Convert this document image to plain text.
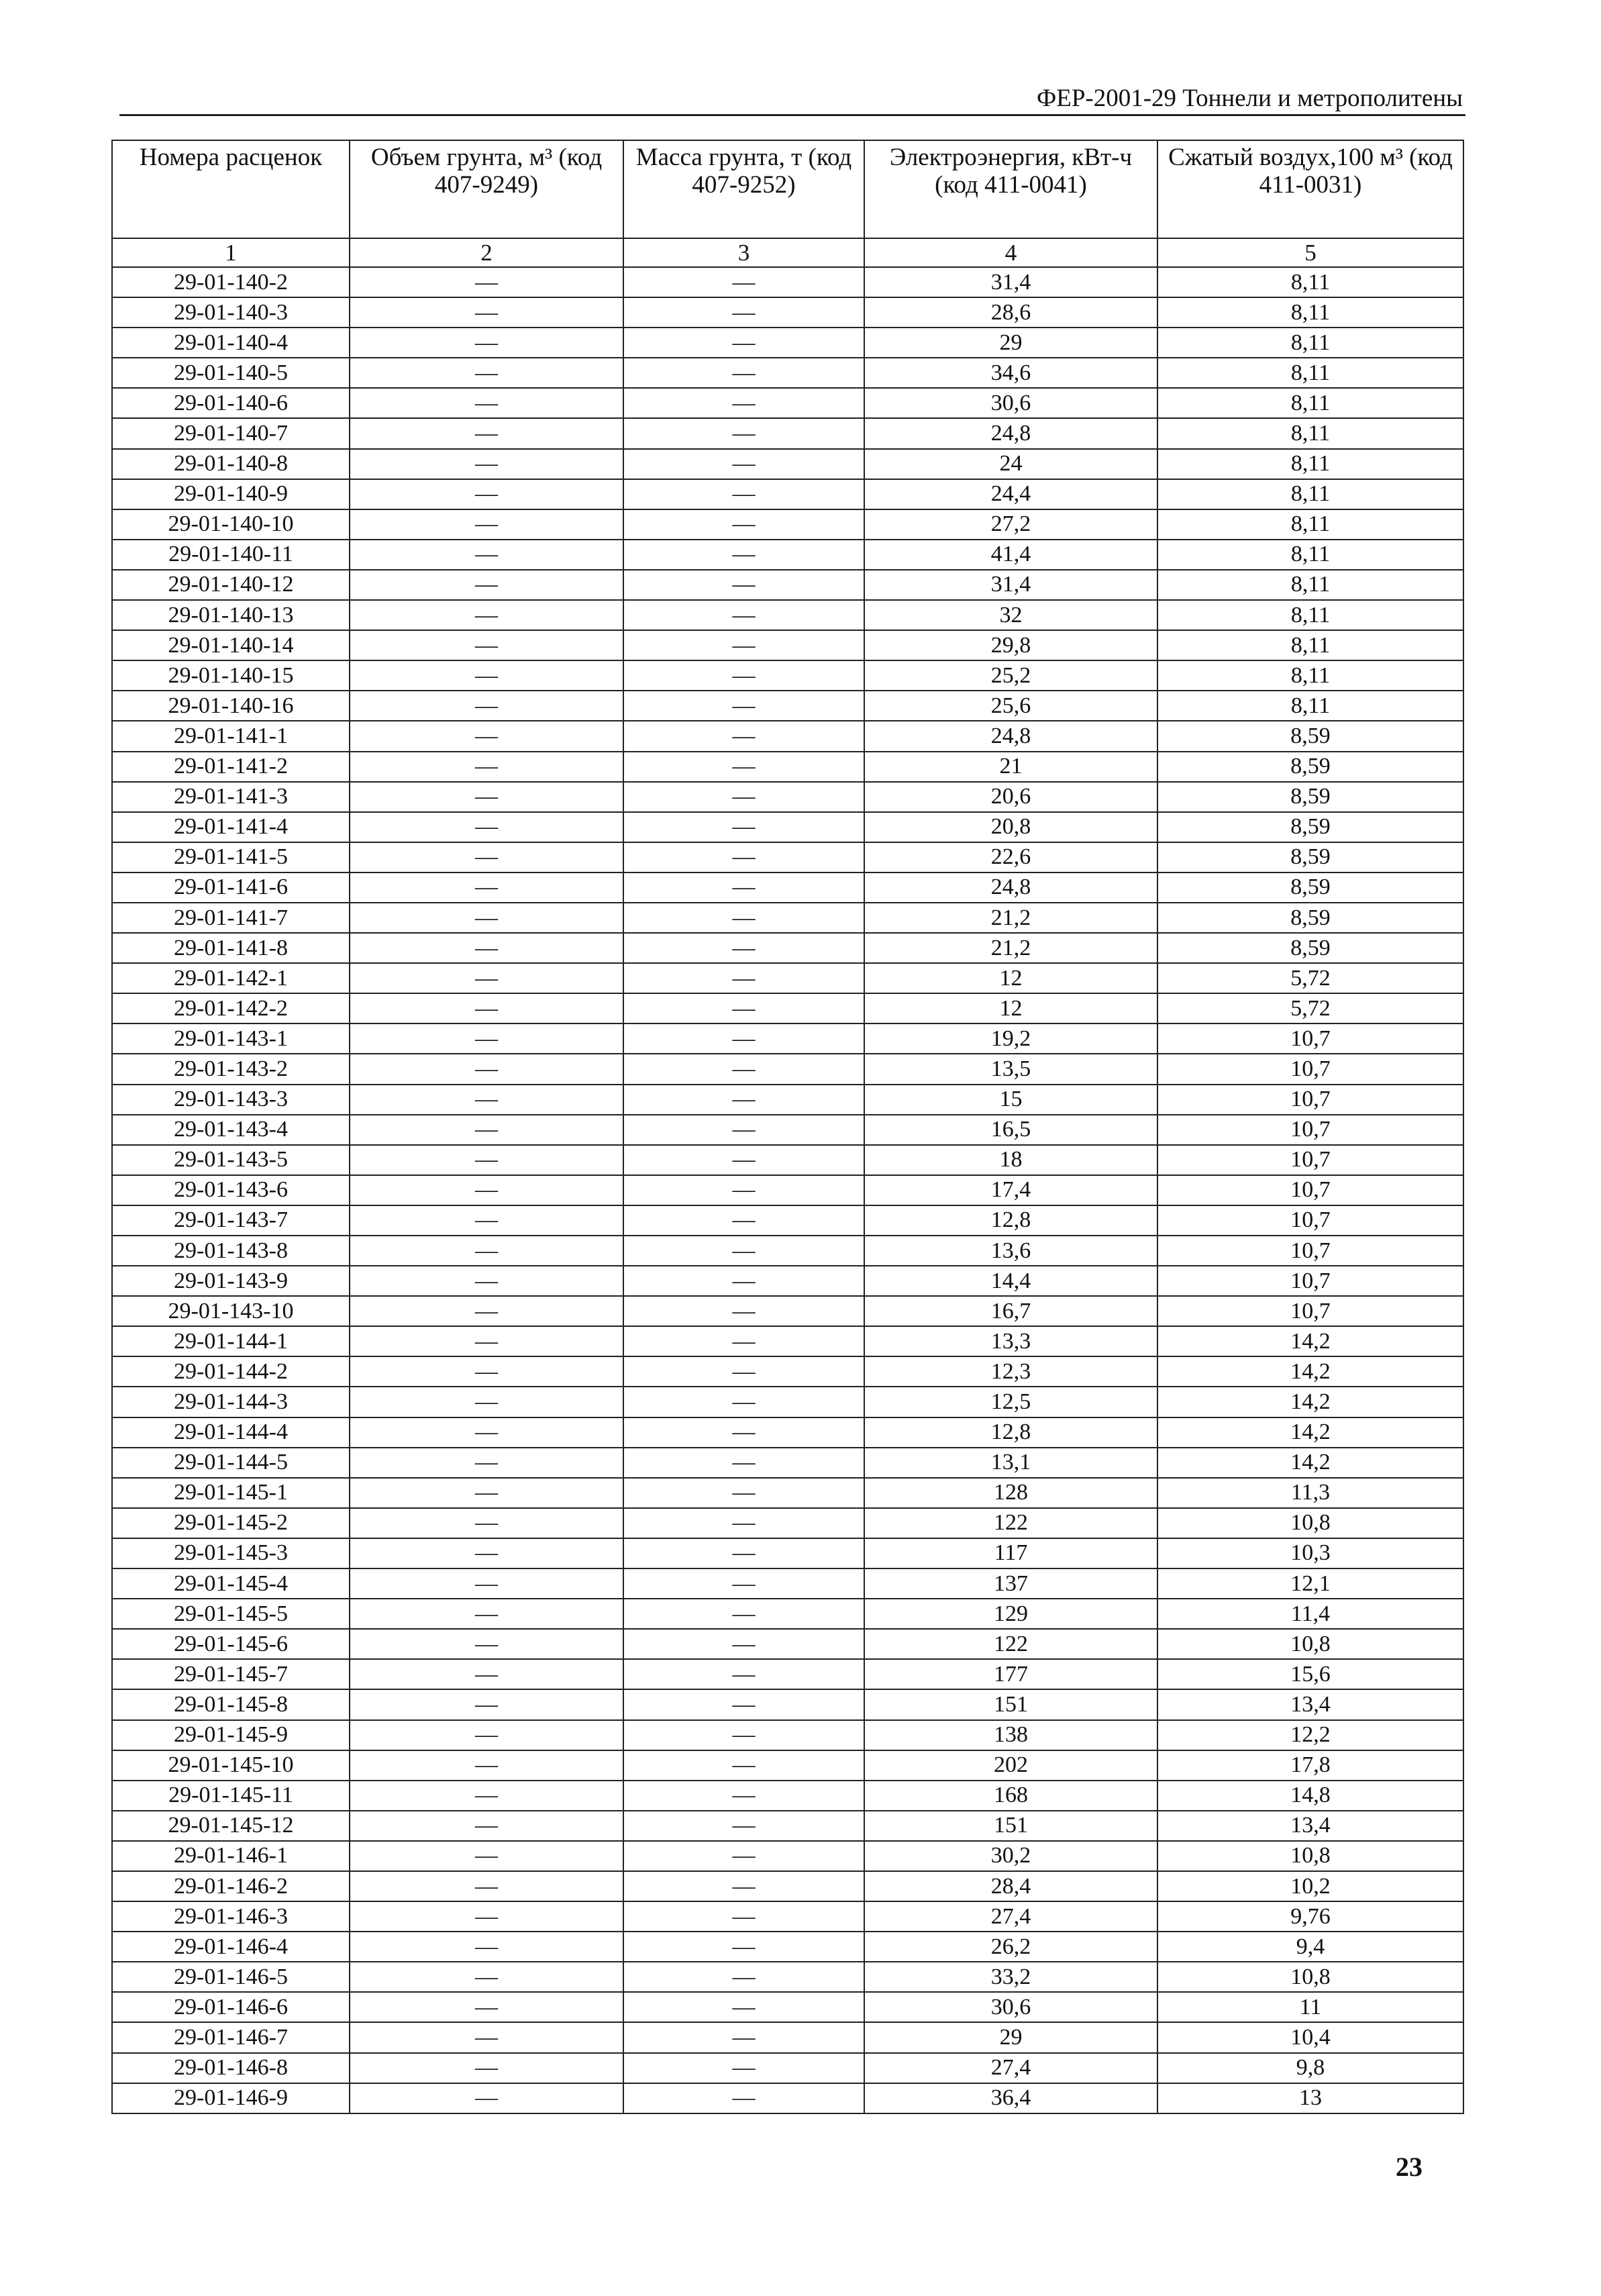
ФЕР-2001-29 Тоннели и метрополитены
Номера расценок	Объем грунта, м³ (код 407-9249)	Масса грунта, т (код 407-9252)	Электроэнергия, кВт-ч (код 411-0041)	Сжатый воздух,100 м³ (код 411-0031)
1	2	3	4	5
29-01-140-2	—	—	31,4	8,11
29-01-140-3	—	—	28,6	8,11
29-01-140-4	—	—	29	8,11
29-01-140-5	—	—	34,6	8,11
29-01-140-6	—	—	30,6	8,11
29-01-140-7	—	—	24,8	8,11
29-01-140-8	—	—	24	8,11
29-01-140-9	—	—	24,4	8,11
29-01-140-10	—	—	27,2	8,11
29-01-140-11	—	—	41,4	8,11
29-01-140-12	—	—	31,4	8,11
29-01-140-13	—	—	32	8,11
29-01-140-14	—	—	29,8	8,11
29-01-140-15	—	—	25,2	8,11
29-01-140-16	—	—	25,6	8,11
29-01-141-1	—	—	24,8	8,59
29-01-141-2	—	—	21	8,59
29-01-141-3	—	—	20,6	8,59
29-01-141-4	—	—	20,8	8,59
29-01-141-5	—	—	22,6	8,59
29-01-141-6	—	—	24,8	8,59
29-01-141-7	—	—	21,2	8,59
29-01-141-8	—	—	21,2	8,59
29-01-142-1	—	—	12	5,72
29-01-142-2	—	—	12	5,72
29-01-143-1	—	—	19,2	10,7
29-01-143-2	—	—	13,5	10,7
29-01-143-3	—	—	15	10,7
29-01-143-4	—	—	16,5	10,7
29-01-143-5	—	—	18	10,7
29-01-143-6	—	—	17,4	10,7
29-01-143-7	—	—	12,8	10,7
29-01-143-8	—	—	13,6	10,7
29-01-143-9	—	—	14,4	10,7
29-01-143-10	—	—	16,7	10,7
29-01-144-1	—	—	13,3	14,2
29-01-144-2	—	—	12,3	14,2
29-01-144-3	—	—	12,5	14,2
29-01-144-4	—	—	12,8	14,2
29-01-144-5	—	—	13,1	14,2
29-01-145-1	—	—	128	11,3
29-01-145-2	—	—	122	10,8
29-01-145-3	—	—	117	10,3
29-01-145-4	—	—	137	12,1
29-01-145-5	—	—	129	11,4
29-01-145-6	—	—	122	10,8
29-01-145-7	—	—	177	15,6
29-01-145-8	—	—	151	13,4
29-01-145-9	—	—	138	12,2
29-01-145-10	—	—	202	17,8
29-01-145-11	—	—	168	14,8
29-01-145-12	—	—	151	13,4
29-01-146-1	—	—	30,2	10,8
29-01-146-2	—	—	28,4	10,2
29-01-146-3	—	—	27,4	9,76
29-01-146-4	—	—	26,2	9,4
29-01-146-5	—	—	33,2	10,8
29-01-146-6	—	—	30,6	11
29-01-146-7	—	—	29	10,4
29-01-146-8	—	—	27,4	9,8
29-01-146-9	—	—	36,4	13
23
